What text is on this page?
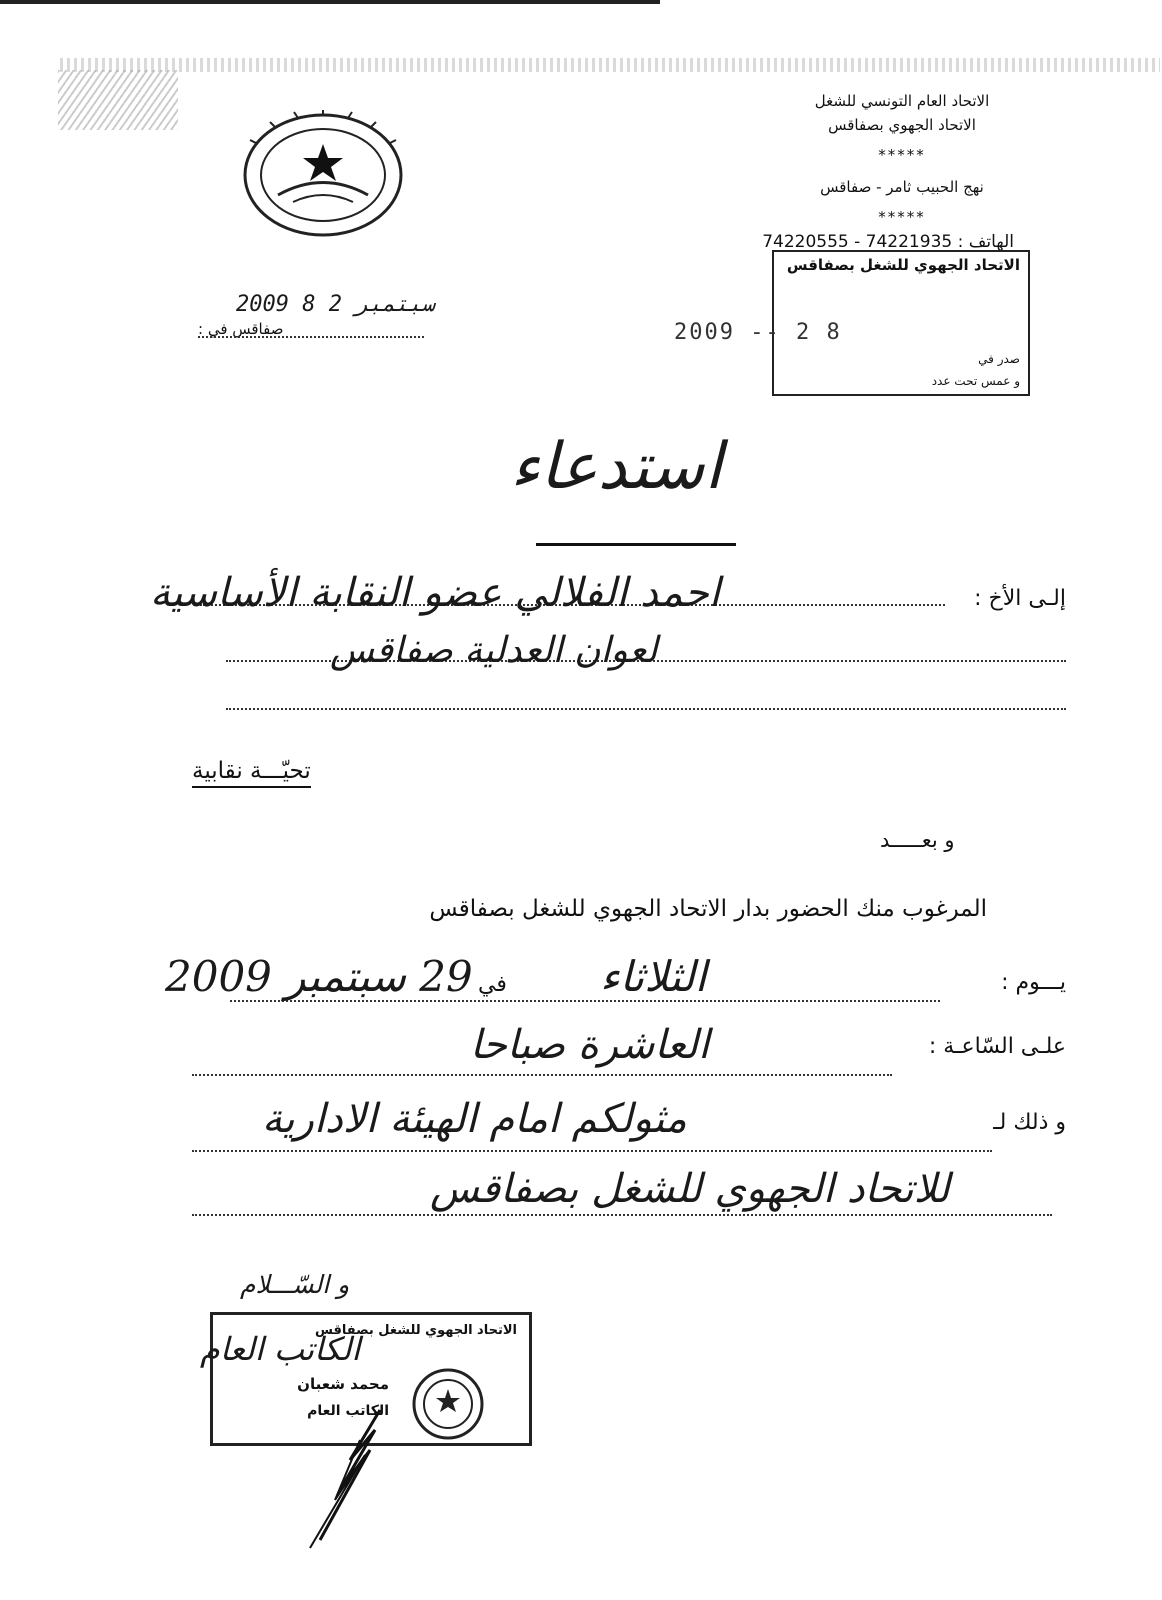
الاتحاد العام التونسي للشغل
الاتحاد الجهوي بصفاقس
*****
نهج الحبيب ثامر - صفاقس
*****
الهاتف : 74221935 - 74220555
2009 سبتمبر 2 8
صفاقس في :
الاتحاد الجهوي للشغل بصفاقس
2009 -- 2 8
صدر في
و عمس تحت عدد
استدعاء
إلـى الأخ :
احمد الفلالي عضو النقابة الأساسية
لعوان العدلية صفاقس
تحيّـــة نقابية
و بعـــــد
المرغوب منك الحضور بدار الاتحاد الجهوي للشغل بصفاقس
يـــوم :
29 سبتمبر 2009 في الثلاثاء
علـى السّاعـة :
العاشرة صباحا
و ذلك لـ
مثولكم امام الهيئة الادارية
للاتحاد الجهوي للشغل بصفاقس
و السّـــلام
الاتحاد الجهوي للشغل بصفاقس
محمد شعبان
الكاتب العام
الكاتب العام
